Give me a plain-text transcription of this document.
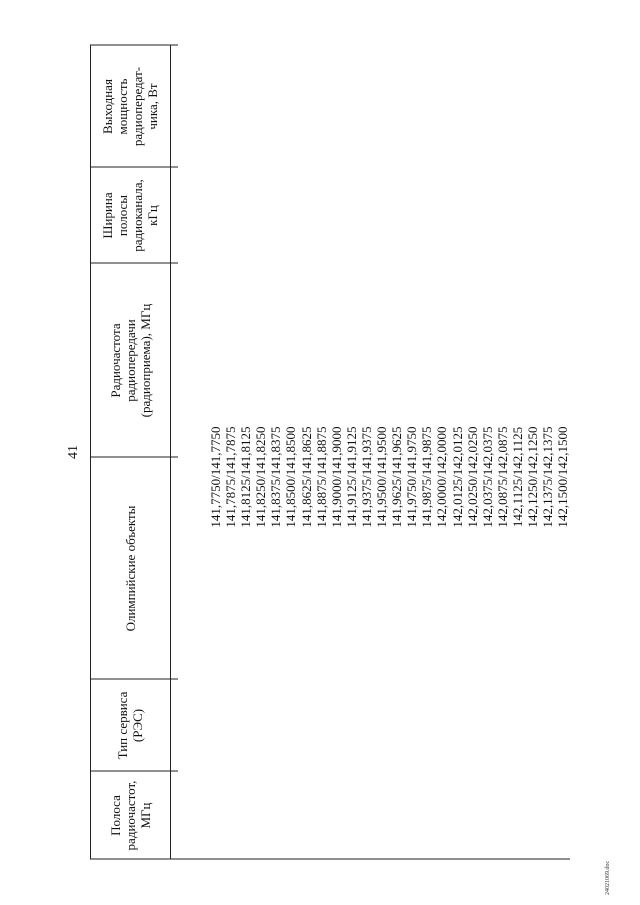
41
Полоса радиочастот, МГц
Тип сервиса (РЭС)
Олимпийские объекты
Радиочастота радиопередачи (радиоприема), МГц
Ширина полосы радиоканала, кГц
Выходная мощность радиопередат- чика, Вт
141,7750/141,7750 141,7875/141,7875 141,8125/141,8125 141,8250/141,8250 141,8375/141,8375 141,8500/141,8500 141,8625/141,8625 141,8875/141,8875 141,9000/141,9000 141,9125/141,9125 141,9375/141,9375 141,9500/141,9500 141,9625/141,9625 141,9750/141,9750 141,9875/141,9875 142,0000/142,0000 142,0125/142,0125 142,0250/142,0250 142,0375/142,0375 142,0875/142,0875 142,1125/142,1125 142,1250/142,1250 142,1375/142,1375 142,1500/142,1500
24021069.doc
